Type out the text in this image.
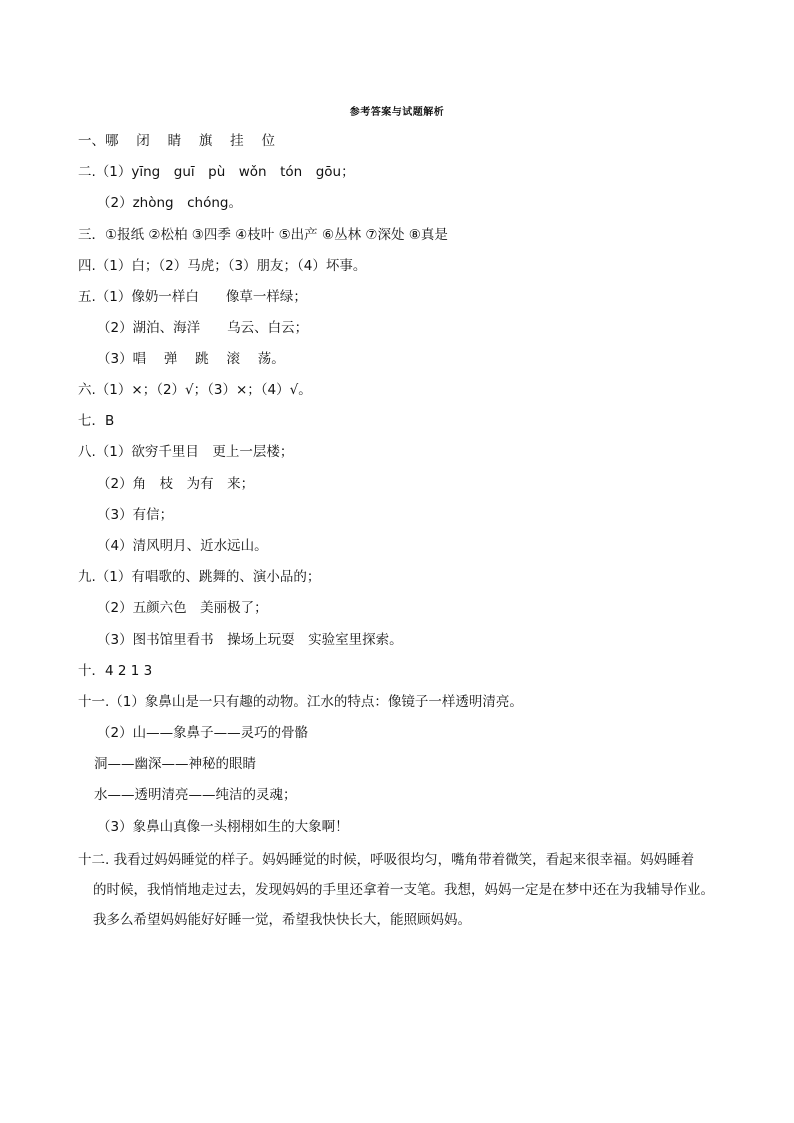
参考答案与试题解析

一、哪　 闭　 睛　 旗　 挂　 位

二.（1）yīng　guī　pù　wǒn　tón　gōu；

（2）zhòng　chóng。

三．①报纸 ②松柏 ③四季 ④枝叶 ⑤出产 ⑥丛林 ⑦深处 ⑧真是

四.（1）白；（2）马虎；（3）朋友；（4）坏事。

五.（1）像奶一样白　　像草一样绿；

（2）湖泊、海洋　　乌云、白云；

（3）唱　 弹　 跳　 滚　 荡。

六.（1）×；（2）√；（3）×；（4）√。

七．B

八.（1）欲穷千里目　更上一层楼；

（2）角　枝　为有　来；

（3）有信；

（4）清风明月、近水远山。

九.（1）有唱歌的、跳舞的、演小品的；

（2）五颜六色　美丽极了；

（3）图书馆里看书　操场上玩耍　实验室里探索。

十．4 2 1 3

十一.（1）象鼻山是一只有趣的动物。江水的特点：像镜子一样透明清亮。

（2）山——象鼻子——灵巧的骨骼

洞——幽深——神秘的眼睛

水——透明清亮——纯洁的灵魂；

（3）象鼻山真像一头栩栩如生的大象啊！

十二. 我看过妈妈睡觉的样子。妈妈睡觉的时候，呼吸很均匀，嘴角带着微笑，看起来很幸福。妈妈睡着
的时候，我悄悄地走过去，发现妈妈的手里还拿着一支笔。我想，妈妈一定是在梦中还在为我辅导作业。
我多么希望妈妈能好好睡一觉，希望我快快长大，能照顾妈妈。
